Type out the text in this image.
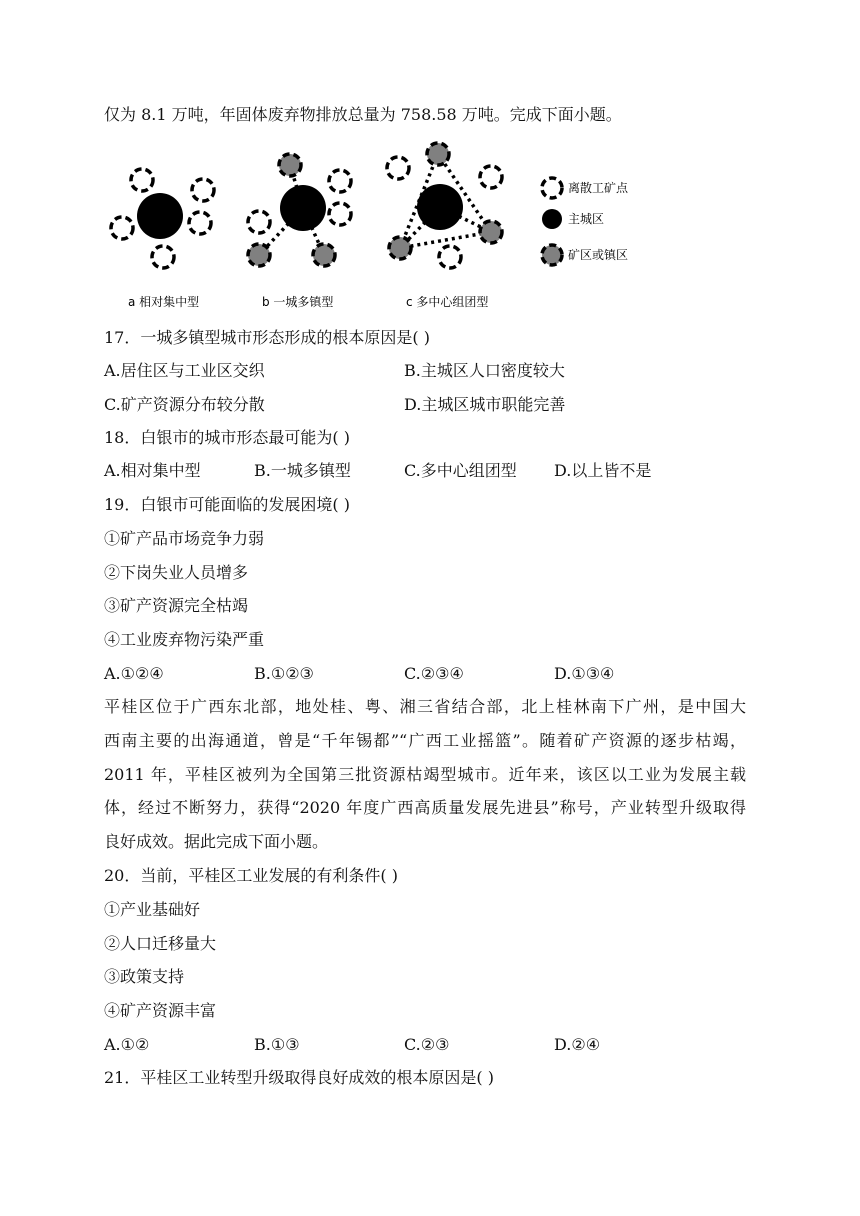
仅为 8.1 万吨，年固体废弃物排放总量为 758.58 万吨。完成下面小题。
离散工矿点
主城区
矿区或镇区
a 相对集中型	b 一城多镇型	c 多中心组团型
17．一城多镇型城市形态形成的根本原因是( )
A.居住区与工业区交织	B.主城区人口密度较大
C.矿产资源分布较分散	D.主城区城市职能完善
18．白银市的城市形态最可能为( )
A.相对集中型	B.一城多镇型	C.多中心组团型 D.以上皆不是
19．白银市可能面临的发展困境( )
①矿产品市场竞争力弱
②下岗失业人员增多
③矿产资源完全枯竭
④工业废弃物污染严重
A.①②④	B.①②③	C.②③④	D.①③④
平桂区位于广西东北部，地处桂、粤、湘三省结合部，北上桂林南下广州，是中国大
西南主要的出海通道，曾是“千年锡都”“广西工业摇篮”。随着矿产资源的逐步枯竭，
2011 年，平桂区被列为全国第三批资源枯竭型城市。近年来，该区以工业为发展主载
体，经过不断努力，获得“2020 年度广西高质量发展先进县”称号，产业转型升级取得
良好成效。据此完成下面小题。
20．当前，平桂区工业发展的有利条件( )
①产业基础好
②人口迁移量大
③政策支持
④矿产资源丰富
A.①②	B.①③	C.②③	D.②④
21．平桂区工业转型升级取得良好成效的根本原因是( )
